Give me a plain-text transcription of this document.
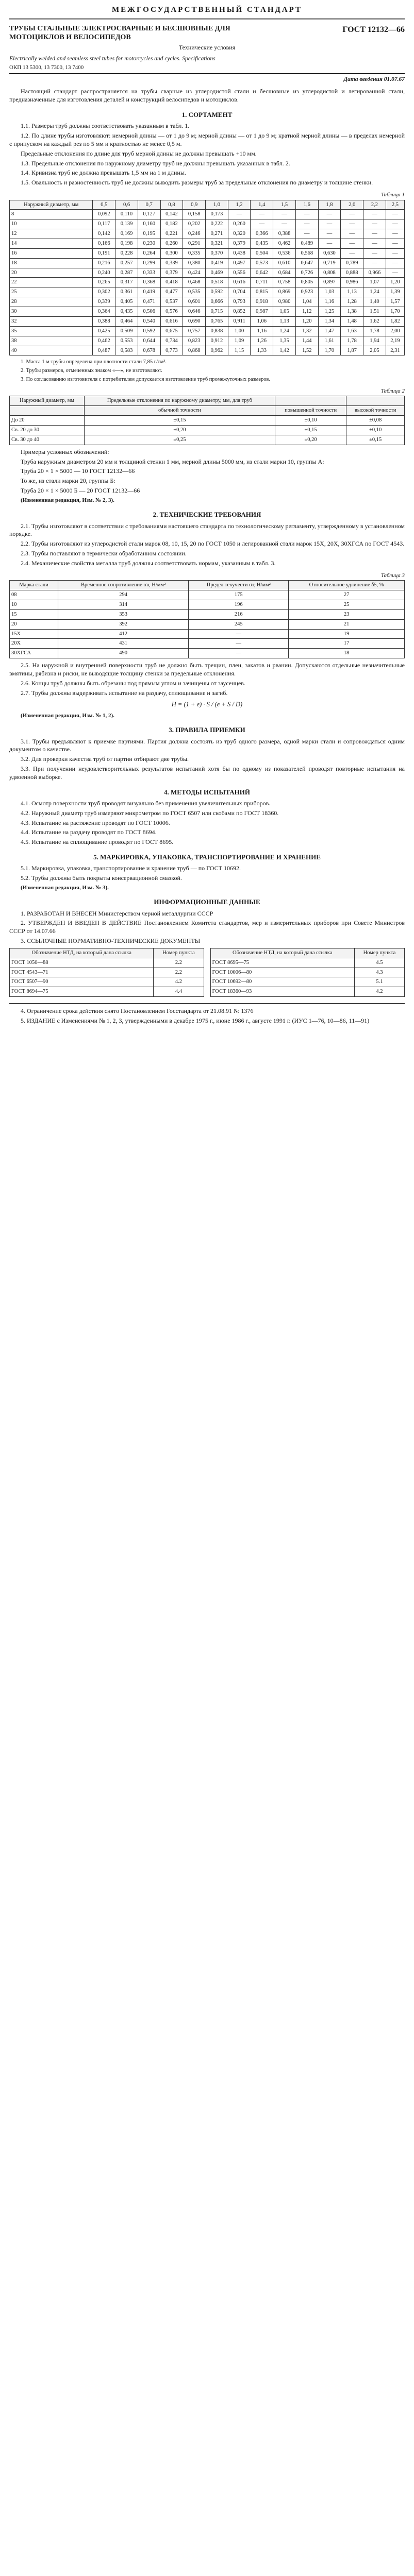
МЕЖГОСУДАРСТВЕННЫЙ СТАНДАРТ
ТРУБЫ СТАЛЬНЫЕ ЭЛЕКТРОСВАРНЫЕ И БЕСШОВНЫЕ ДЛЯ МОТОЦИКЛОВ И ВЕЛОСИПЕДОВ
ГОСТ 12132—66
Технические условия
Electrically welded and seamless steel tubes for motorcycles and cycles. Specifications
ОКП 13 5300, 13 7300, 13 7400
Дата введения 01.07.67

Настоящий стандарт распространяется на трубы сварные из углеродистой стали и бесшовные из углеродистой и легированной стали, предназначенные для изготовления деталей и конструкций велосипедов и мотоциклов.

1. СОРТАМЕНТ

1.1. Размеры труб должны соответствовать указанным в табл. 1.

1.2. По длине трубы изготовляют: немерной длины — от 1 до 9 м; мерной длины — от 1 до 9 м; кратной мерной длины — в пределах немерной с припуском на каждый рез по 5 мм и кратностью не менее 0,5 м.

Предельные отклонения по длине для труб мерной длины не должны превышать +10 мм.

1.3. Предельные отклонения по наружному диаметру труб не должны превышать указанных в табл. 2.

1.4. Кривизна труб не должна превышать 1,5 мм на 1 м длины.

1.5. Овальность и разностенность труб не должны выводить размеры труб за предельные отклонения по диаметру и толщине стенки.

Таблица 1
Наружный диаметр, мм	0,5	0,6	0,7	0,8	0,9	1,0	1,2	1,4	1,5	1,6	1,8	2,0	2,2	2,5
8	0,092	0,110	0,127	0,142	0,158	0,173	—	—	—	—	—	—	—	—
10	0,117	0,139	0,160	0,182	0,202	0,222	0,260	—	—	—	—	—	—	—
12	0,142	0,169	0,195	0,221	0,246	0,271	0,320	0,366	0,388	—	—	—	—	—
14	0,166	0,198	0,230	0,260	0,291	0,321	0,379	0,435	0,462	0,489	—	—	—	—
16	0,191	0,228	0,264	0,300	0,335	0,370	0,438	0,504	0,536	0,568	0,630	—	—	—
18	0,216	0,257	0,299	0,339	0,380	0,419	0,497	0,573	0,610	0,647	0,719	0,789	—	—
20	0,240	0,287	0,333	0,379	0,424	0,469	0,556	0,642	0,684	0,726	0,808	0,888	0,966	—
22	0,265	0,317	0,368	0,418	0,468	0,518	0,616	0,711	0,758	0,805	0,897	0,986	1,07	1,20
25	0,302	0,361	0,419	0,477	0,535	0,592	0,704	0,815	0,869	0,923	1,03	1,13	1,24	1,39
28	0,339	0,405	0,471	0,537	0,601	0,666	0,793	0,918	0,980	1,04	1,16	1,28	1,40	1,57
30	0,364	0,435	0,506	0,576	0,646	0,715	0,852	0,987	1,05	1,12	1,25	1,38	1,51	1,70
32	0,388	0,464	0,540	0,616	0,690	0,765	0,911	1,06	1,13	1,20	1,34	1,48	1,62	1,82
35	0,425	0,509	0,592	0,675	0,757	0,838	1,00	1,16	1,24	1,32	1,47	1,63	1,78	2,00
38	0,462	0,553	0,644	0,734	0,823	0,912	1,09	1,26	1,35	1,44	1,61	1,78	1,94	2,19
40	0,487	0,583	0,678	0,773	0,868	0,962	1,15	1,33	1,42	1,52	1,70	1,87	2,05	2,31

1. Масса 1 м трубы определена при плотности стали 7,85 г/см³.

2. Трубы размеров, отмеченных знаком «—», не изготовляют.

3. По согласованию изготовителя с потребителем допускается изготовление труб промежуточных размеров.

Таблица 2
Наружный диаметр, мм	Предельные отклонения по наружному диаметру, мм, для труб		
	обычной точности	повышенной точности	высокой точности
До 20	±0,15	±0,10	±0,08
Св. 20 до 30	±0,20	±0,15	±0,10
Св. 30 до 40	±0,25	±0,20	±0,15

Примеры условных обозначений:

Труба наружным диаметром 20 мм и толщиной стенки 1 мм, мерной длины 5000 мм, из стали марки 10, группы А:

Труба 20 × 1 × 5000 — 10 ГОСТ 12132—66

То же, из стали марки 20, группы Б:

Труба 20 × 1 × 5000 Б — 20 ГОСТ 12132—66

(Измененная редакция, Изм. № 2, 3).
2. ТЕХНИЧЕСКИЕ ТРЕБОВАНИЯ

2.1. Трубы изготовляют в соответствии с требованиями настоящего стандарта по технологическому регламенту, утвержденному в установленном порядке.

2.2. Трубы изготовляют из углеродистой стали марок 08, 10, 15, 20 по ГОСТ 1050 и легированной стали марок 15Х, 20Х, 30ХГСА по ГОСТ 4543.

2.3. Трубы поставляют в термически обработанном состоянии.

2.4. Механические свойства металла труб должны соответствовать нормам, указанным в табл. 3.

Таблица 3
Марка стали	Временное сопротивление σв, Н/мм²	Предел текучести σт, Н/мм²	Относительное удлинение δ5, %
08	294	175	27
10	314	196	25
15	353	216	23
20	392	245	21
15Х	412	—	19
20Х	431	—	17
30ХГСА	490	—	18

2.5. На наружной и внутренней поверхности труб не должно быть трещин, плен, закатов и рванин. Допускаются отдельные незначительные вмятины, рябизна и риски, не выводящие толщину стенки за предельные отклонения.

2.6. Концы труб должны быть обрезаны под прямым углом и зачищены от заусенцев.

2.7. Трубы должны выдерживать испытание на раздачу, сплющивание и загиб.

H = (1 + e) · S / (e + S / D)
(Измененная редакция, Изм. № 1, 2).
3. ПРАВИЛА ПРИЕМКИ

3.1. Трубы предъявляют к приемке партиями. Партия должна состоять из труб одного размера, одной марки стали и сопровождаться одним документом о качестве.

3.2. Для проверки качества труб от партии отбирают две трубы.

3.3. При получении неудовлетворительных результатов испытаний хотя бы по одному из показателей проводят повторные испытания на удвоенной выборке.

4. МЕТОДЫ ИСПЫТАНИЙ

4.1. Осмотр поверхности труб проводят визуально без применения увеличительных приборов.

4.2. Наружный диаметр труб измеряют микрометром по ГОСТ 6507 или скобами по ГОСТ 18360.

4.3. Испытание на растяжение проводят по ГОСТ 10006.

4.4. Испытание на раздачу проводят по ГОСТ 8694.

4.5. Испытание на сплющивание проводят по ГОСТ 8695.

5. МАРКИРОВКА, УПАКОВКА, ТРАНСПОРТИРОВАНИЕ И ХРАНЕНИЕ

5.1. Маркировка, упаковка, транспортирование и хранение труб — по ГОСТ 10692.

5.2. Трубы должны быть покрыты консервационной смазкой.

(Измененная редакция, Изм. № 3).
ИНФОРМАЦИОННЫЕ ДАННЫЕ

1. РАЗРАБОТАН И ВНЕСЕН Министерством черной металлургии СССР

2. УТВЕРЖДЕН И ВВЕДЕН В ДЕЙСТВИЕ Постановлением Комитета стандартов, мер и измерительных приборов при Совете Министров СССР от 14.07.66

3. ССЫЛОЧНЫЕ НОРМАТИВНО-ТЕХНИЧЕСКИЕ ДОКУМЕНТЫ

Обозначение НТД, на который дана ссылка	Номер пункта
ГОСТ 1050—88	2.2
ГОСТ 4543—71	2.2
ГОСТ 6507—90	4.2
ГОСТ 8694—75	4.4
Обозначение НТД, на который дана ссылка	Номер пункта
ГОСТ 8695—75	4.5
ГОСТ 10006—80	4.3
ГОСТ 10692—80	5.1
ГОСТ 18360—93	4.2

4. Ограничение срока действия снято Постановлением Госстандарта от 21.08.91 № 1376

5. ИЗДАНИЕ с Изменениями № 1, 2, 3, утвержденными в декабре 1975 г., июне 1986 г., августе 1991 г. (ИУС 1—76, 10—86, 11—91)
